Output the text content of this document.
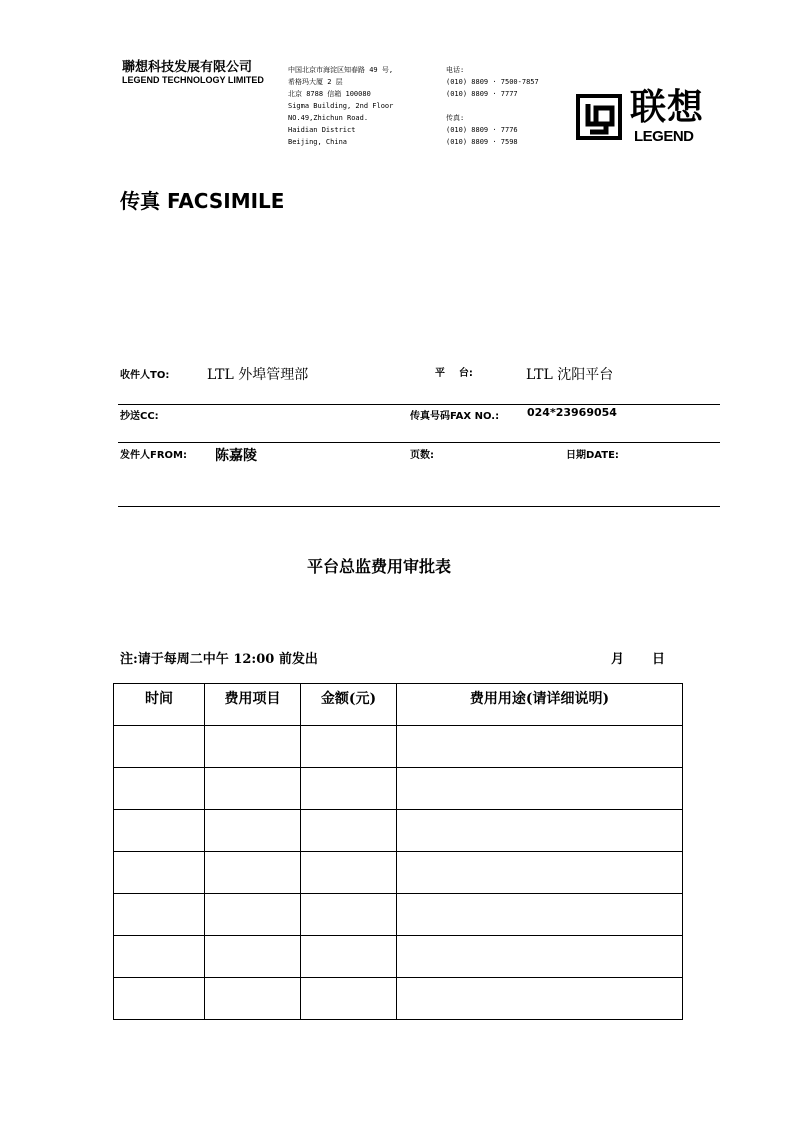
聯想科技发展有限公司
LEGEND TECHNOLOGY LIMITED
中国北京市海淀区知春路 49 号,
希格玛大厦 2 层
北京 8788 信箱 100080
Sigma Building, 2nd Floor
NO.49,Zhichun Road.
Haidian District
Beijing, China
电话:
(010) 8809 · 7500-7857
(010) 8809 · 7777
传真:
(010) 8809 · 7776
(010) 8809 · 7598
联想
LEGEND
传真 FACSIMILE
收件人TO:	LTL 外埠管理部	平    台:	LTL 沈阳平台
抄送CC:	传真号码FAX NO.:	024*23969054
发件人FROM: 陈嘉陵	页数:	日期DATE:
平台总监费用审批表
注:请于每周二中午 12:00 前发出	月 日
时间	费用项目	金额(元)	费用用途(请详细说明)
